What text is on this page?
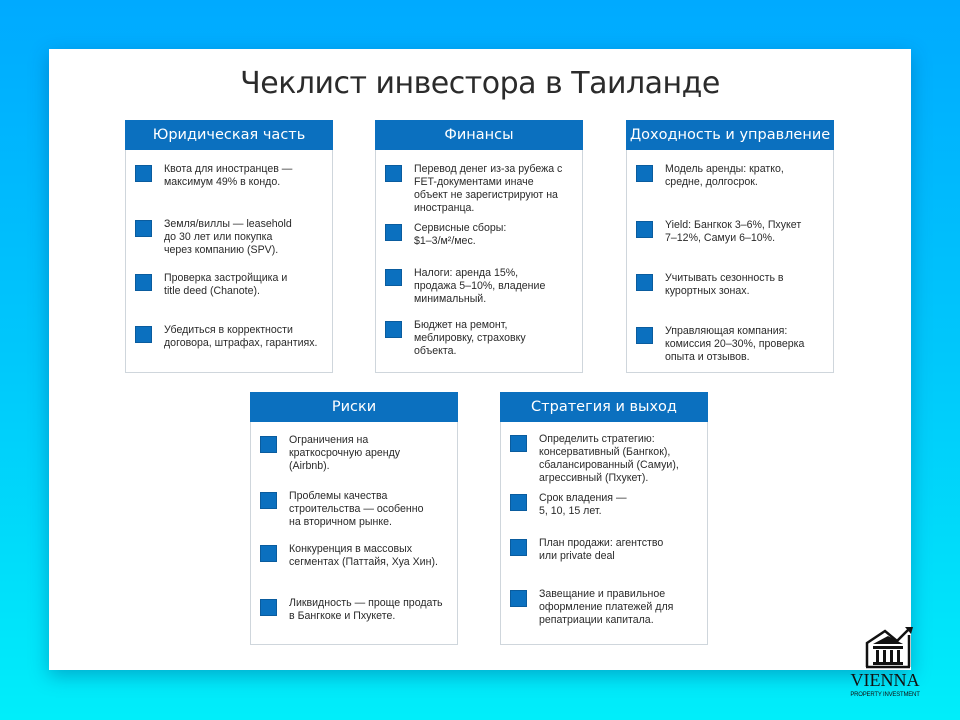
Чеклист инвестора в Таиланде
Юридическая часть
Квота для иностранцев — максимум 49% в кондо.
Земля/виллы — leasehold до 30 лет или покупка через компанию (SPV).
Проверка застройщика и title deed (Chanote).
Убедиться в корректности договора, штрафах, гарантиях.
Финансы
Перевод денег из-за рубежа с FET-документами иначе объект не зарегистрируют на иностранца.
Сервисные сборы: $1–3/м²/мес.
Налоги: аренда 15%, продажа 5–10%, владение минимальный.
Бюджет на ремонт, меблировку, страховку объекта.
Доходность и управление
Модель аренды: кратко, средне, долгосрок.
Yield: Бангкок 3–6%, Пхукет 7–12%, Самуи 6–10%.
Учитывать сезонность в курортных зонах.
Управляющая компания: комиссия 20–30%, проверка опыта и отзывов.
Риски
Ограничения на краткосрочную аренду (Airbnb).
Проблемы качества строительства — особенно на вторичном рынке.
Конкуренция в массовых сегментах (Паттайя, Хуа Хин).
Ликвидность — проще продать в Бангкоке и Пхукете.
Стратегия и выход
Определить стратегию: консервативный (Бангкок), сбалансированный (Самуи), агрессивный (Пхукет).
Срок владения — 5, 10, 15 лет.
План продажи: агентство или private deal
Завещание и правильное оформление платежей для репатриации капитала.
VIENNA
PROPERTY INVESTMENT
